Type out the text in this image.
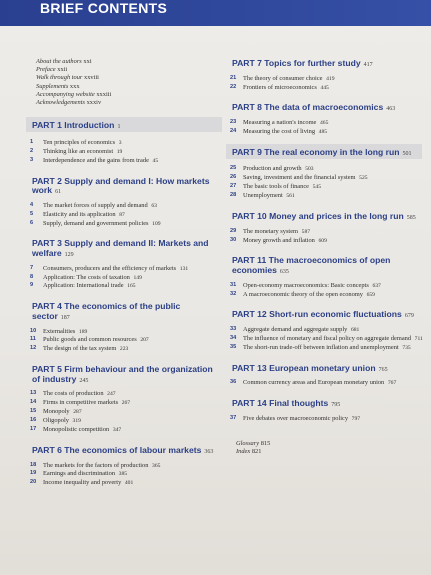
BRIEF CONTENTS
About the authors xxi
Preface xxii
Walk through tour xxviii
Supplements xxx
Accompanying website xxxiii
Acknowledgements xxxiv
PART 1 Introduction 1
1	Ten principles of economics 3
2	Thinking like an economist 19
3	Interdependence and the gains from trade 45
PART 2 Supply and demand I: How markets work 61
4	The market forces of supply and demand 63
5	Elasticity and its application 87
6	Supply, demand and government policies 109
PART 3 Supply and demand II: Markets and welfare 129
7	Consumers, producers and the efficiency of markets 131
8	Application: The costs of taxation 149
9	Application: International trade 165
PART 4 The economics of the public sector 187
10	Externalities 189
11	Public goods and common resources 207
12	The design of the tax system 223
PART 5 Firm behaviour and the organization of industry 245
13	The costs of production 247
14	Firms in competitive markets 267
15	Monopoly 287
16	Oligopoly 319
17	Monopolistic competition 347
PART 6 The economics of labour markets 363
18	The markets for the factors of production 365
19	Earnings and discrimination 385
20	Income inequality and poverty 401
PART 7 Topics for further study 417
21	The theory of consumer choice 419
22	Frontiers of microeconomics 445
PART 8 The data of macroeconomics 463
23	Measuring a nation's income 465
24	Measuring the cost of living 485
PART 9 The real economy in the long run 501
25	Production and growth 503
26	Saving, investment and the financial system 525
27	The basic tools of finance 545
28	Unemployment 561
PART 10 Money and prices in the long run 585
29	The monetary system 587
30	Money growth and inflation 609
PART 11 The macroeconomics of open economies 635
31	Open-economy macroeconomics: Basic concepts 637
32	A macroeconomic theory of the open economy 659
PART 12 Short-run economic fluctuations 679
33	Aggregate demand and aggregate supply 681
34	The influence of monetary and fiscal policy on aggregate demand 711
35	The short-run trade-off between inflation and unemployment 735
PART 13 European monetary union 765
36	Common currency areas and European monetary union 767
PART 14 Final thoughts 795
37	Five debates over macroeconomic policy 797
Glossary 815
Index 821
